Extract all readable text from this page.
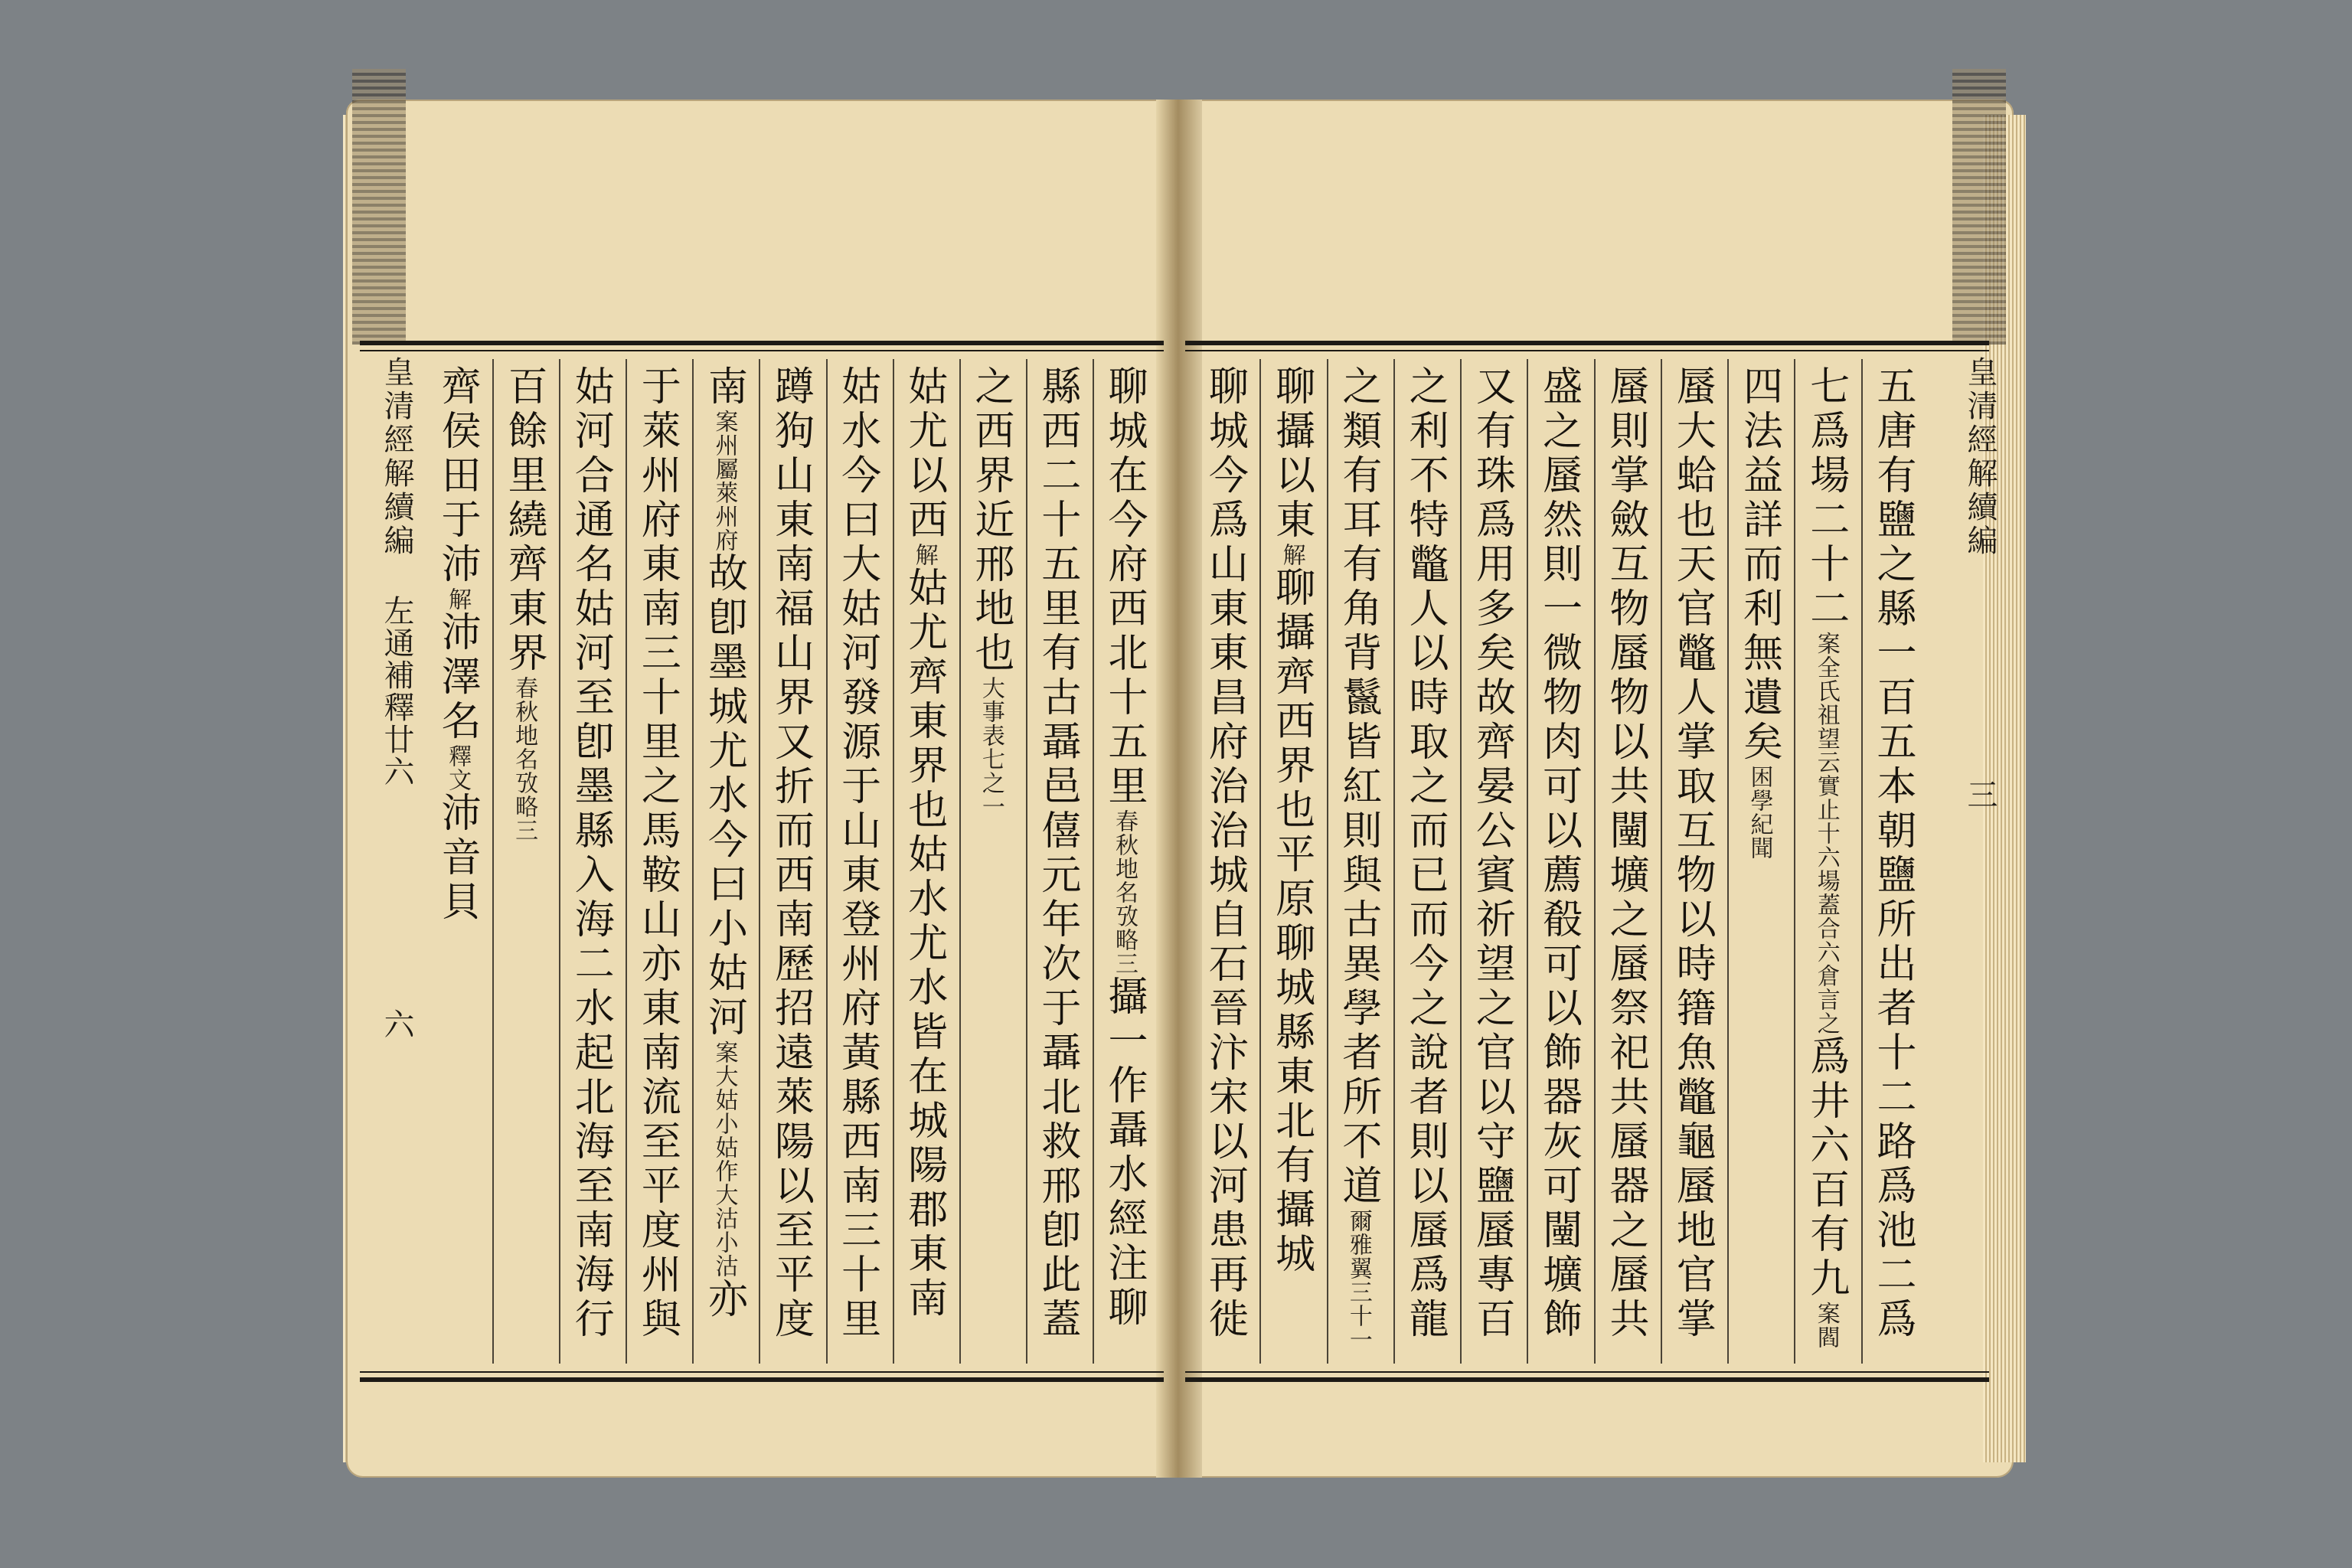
皇清經解續編 左通補釋廿六 六
聊城在今府西北十五里春秋地名攷略三攝一作聶水經注聊
縣西二十五里有古聶邑僖元年次于聶北救邢卽此蓋
之西界近邢地也大事表七之一
姑尤以西解姑尤齊東界也姑水尤水皆在城陽郡東南
姑水今曰大姑河發源于山東登州府黃縣西南三十里
蹲狗山東南福山界又折而西南歷招遠萊陽以至平度
南案州屬萊州府故卽墨城尤水今曰小姑河案大姑小姑作大沽小沽亦
于萊州府東南三十里之馬鞍山亦東南流至平度州與
姑河合通名姑河至卽墨縣入海二水起北海至南海行
百餘里繞齊東界春秋地名攷略三
齊侯田于沛解沛澤名釋文沛音貝
皇清經解續編 三
五唐有鹽之縣一百五本朝鹽所出者十二路爲池二爲
七爲場二十二案全氏祖望云實止十六場蓋合六倉言之爲井六百有九案閻
四法益詳而利無遺矣困學紀聞
蜃大蛤也天官鼈人掌取互物以時簎魚鼈龜蜃地官掌
蜃則掌斂互物蜃物以共闉壙之蜃祭祀共蜃器之蜃共
盛之蜃然則一微物肉可以薦殽可以飾器灰可闉壙飾
又有珠爲用多矣故齊晏公賓祈望之官以守鹽蜃專百
之利不特鼈人以時取之而已而今之說者則以蜃爲龍
之類有耳有角背鬣皆紅則與古異學者所不道爾雅翼三十一
聊攝以東解聊攝齊西界也平原聊城縣東北有攝城
聊城今爲山東東昌府治治城自石晉汴宋以河患再徙
